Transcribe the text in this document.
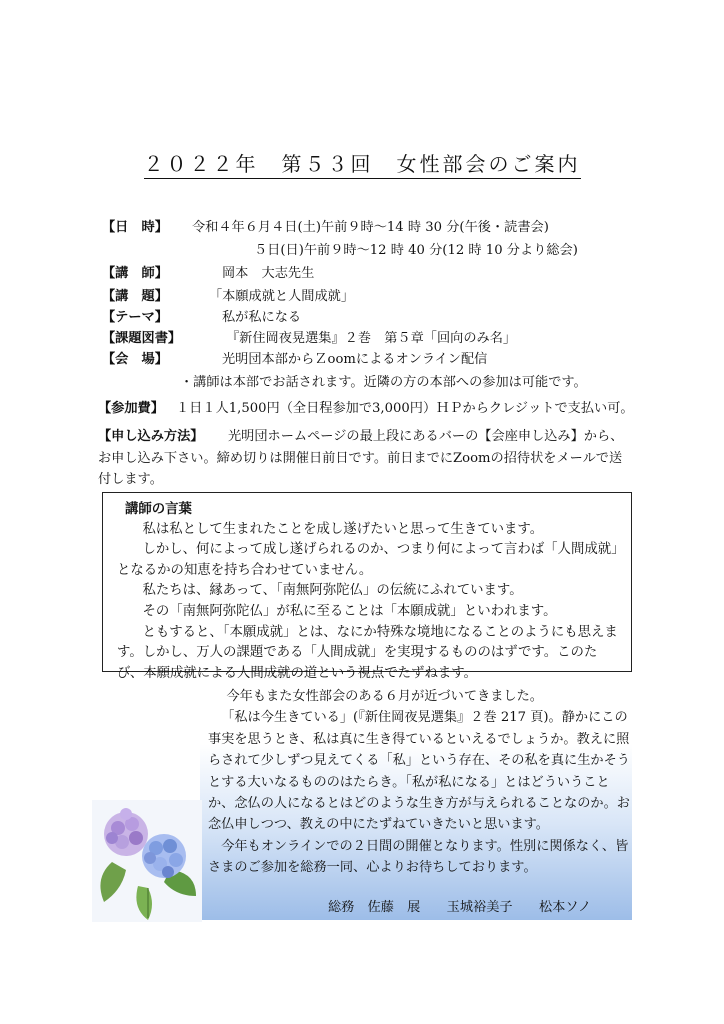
２０２２年　第５３回　女性部会のご案内
【日　時】 令和４年６月４日(土)午前９時～14 時 30 分(午後・読書会)
５日(日)午前９時～12 時 40 分(12 時 10 分より総会)
【講　師】	岡本　大志先生
【講　題】	「本願成就と人間成就」
【テーマ】	私が私になる
【課題図書】	『新住岡夜晃選集』２巻　第５章「回向のみ名」
【会　場】	光明団本部からＺoomによるオンライン配信
・講師は本部でお話されます。近隣の方の本部への参加は可能です。
【参加費】 １日１人1,500円（全日程参加で3,000円）ＨＰからクレジットで支払い可。
【申し込み方法】 光明団ホームページの最上段にあるバーの【会座申し込み】から、
お申し込み下さい。締め切りは開催日前日です。前日までにZoomの招待状をメールで送
付します。
講師の言葉

私は私として生まれたことを成し遂げたいと思って生きています。

しかし、何によって成し遂げられるのか、つまり何によって言わば「人間成就」となるかの知恵を持ち合わせていません。

私たちは、縁あって、「南無阿弥陀仏」の伝統にふれています。

その「南無阿弥陀仏」が私に至ることは「本願成就」といわれます。

ともすると、「本願成就」とは、なにか特殊な境地になることのようにも思えます。しかし、万人の課題である「人間成就」を実現するもののはずです。このたび、本願成就による人間成就の道という視点でたずねます。

今年もまた女性部会のある６月が近づいてきました。

「私は今生きている」(『新住岡夜晃選集』２巻 217 頁)。静かにこの事実を思うとき、私は真に生き得ているといえるでしょうか。教えに照らされて少しずつ見えてくる「私」という存在、その私を真に生かそうとする大いなるもののはたらき。「私が私になる」とはどういうことか、念仏の人になるとはどのような生き方が与えられることなのか。お念仏申しつつ、教えの中にたずねていきたいと思います。

今年もオンラインでの２日間の開催となります。性別に関係なく、皆さまのご参加を総務一同、心よりお待ちしております。

総務　佐藤　展　　玉城裕美子　　松本ソノ
